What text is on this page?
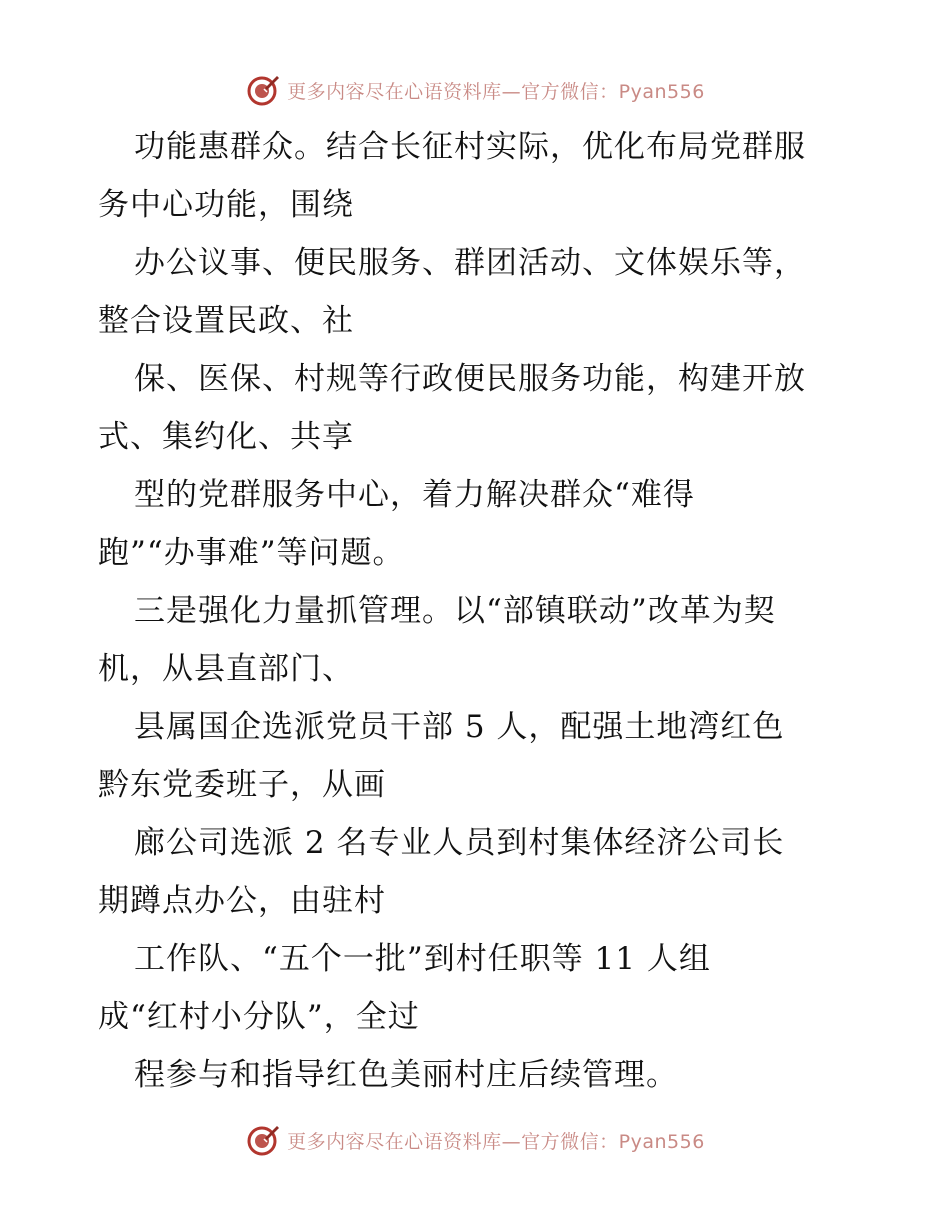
更多内容尽在心语资料库—官方微信：Pyan556
功能惠群众。结合长征村实际，优化布局党群服
务中心功能，围绕
办公议事、便民服务、群团活动、文体娱乐等，
整合设置民政、社
保、医保、村规等行政便民服务功能，构建开放
式、集约化、共享
型的党群服务中心，着力解决群众“难得
跑”“办事难”等问题。
三是强化力量抓管理。以“部镇联动”改革为契
机，从县直部门、
县属国企选派党员干部 5 人，配强土地湾红色
黔东党委班子，从画
廊公司选派 2 名专业人员到村集体经济公司长
期蹲点办公，由驻村
工作队、“五个一批”到村任职等 11 人组
成“红村小分队”，全过
程参与和指导红色美丽村庄后续管理。
更多内容尽在心语资料库—官方微信：Pyan556
